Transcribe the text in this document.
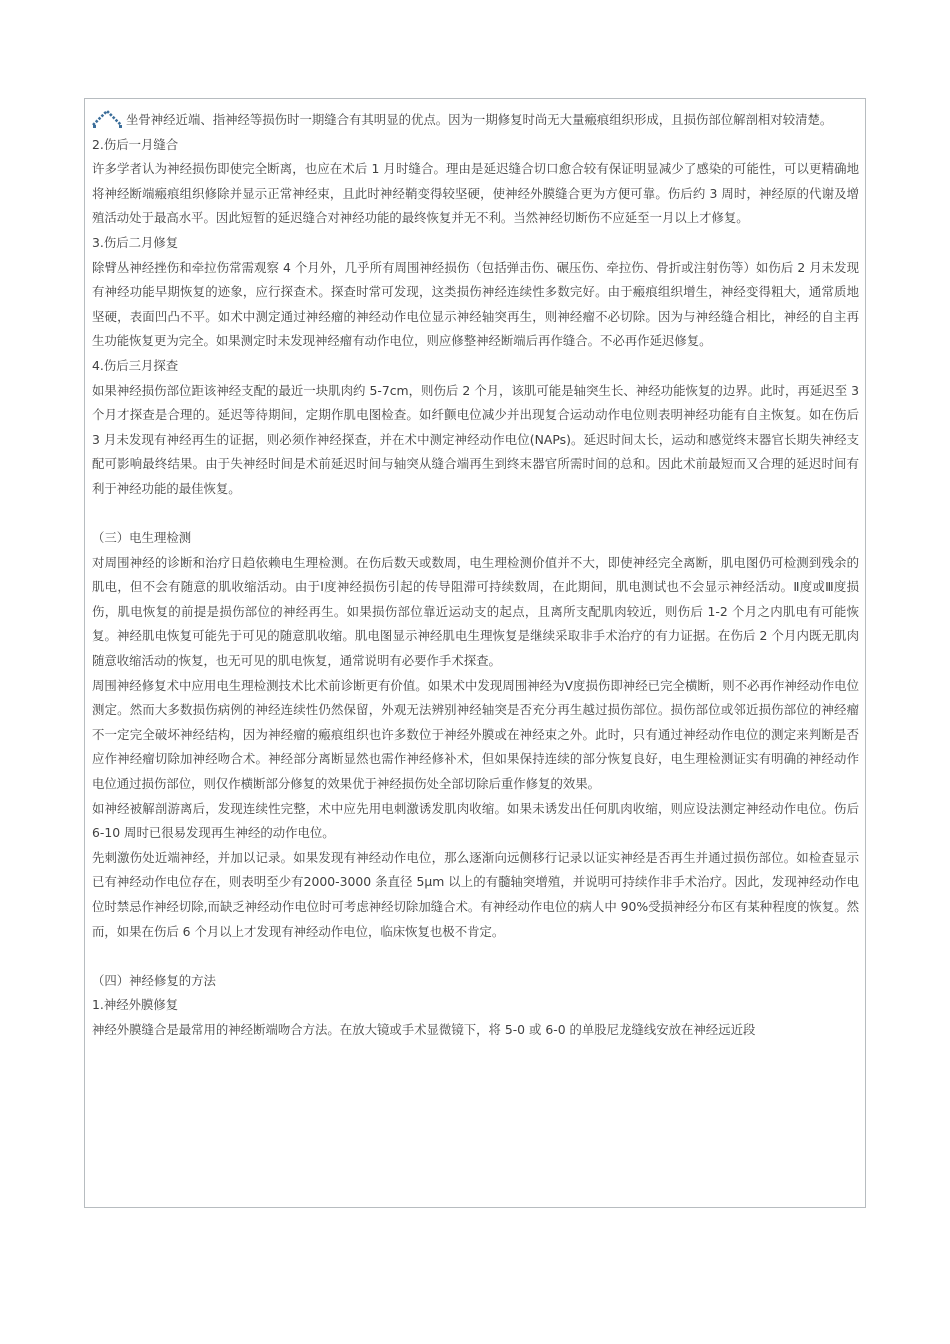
坐骨神经近端、指神经等损伤时一期缝合有其明显的优点。因为一期修复时尚无大量瘢痕组织形成，且损伤部位解剖相对较清楚。

2.伤后一月缝合

许多学者认为神经损伤即使完全断离，也应在术后 1 月时缝合。理由是延迟缝合切口愈合较有保证明显减少了感染的可能性，可以更精确地将神经断端瘢痕组织修除并显示正常神经束，且此时神经鞘变得较坚硬，使神经外膜缝合更为方便可靠。伤后约 3 周时，神经原的代谢及增殖活动处于最高水平。因此短暂的延迟缝合对神经功能的最终恢复并无不利。当然神经切断伤不应延至一月以上才修复。

3.伤后二月修复

除臂丛神经挫伤和牵拉伤常需观察 4 个月外，几乎所有周围神经损伤（包括弹击伤、碾压伤、牵拉伤、骨折或注射伤等）如伤后 2 月未发现有神经功能早期恢复的迹象，应行探查术。探查时常可发现，这类损伤神经连续性多数完好。由于瘢痕组织增生，神经变得粗大，通常质地坚硬，表面凹凸不平。如术中测定通过神经瘤的神经动作电位显示神经轴突再生，则神经瘤不必切除。因为与神经缝合相比，神经的自主再生功能恢复更为完全。如果测定时未发现神经瘤有动作电位，则应修整神经断端后再作缝合。不必再作延迟修复。

4.伤后三月探查

如果神经损伤部位距该神经支配的最近一块肌肉约 5-7cm，则伤后 2 个月，该肌可能是轴突生长、神经功能恢复的边界。此时，再延迟至 3 个月才探查是合理的。延迟等待期间，定期作肌电图检查。如纤颤电位减少并出现复合运动动作电位则表明神经功能有自主恢复。如在伤后 3 月未发现有神经再生的证据，则必须作神经探查，并在术中测定神经动作电位(NAPs)。延迟时间太长，运动和感觉终末器官长期失神经支配可影响最终结果。由于失神经时间是术前延迟时间与轴突从缝合端再生到终末器官所需时间的总和。因此术前最短而又合理的延迟时间有利于神经功能的最佳恢复。

（三）电生理检测

对周围神经的诊断和治疗日趋依赖电生理检测。在伤后数天或数周，电生理检测价值并不大，即使神经完全离断，肌电图仍可检测到残余的肌电，但不会有随意的肌收缩活动。由于Ⅰ度神经损伤引起的传导阻滞可持续数周，在此期间，肌电测试也不会显示神经活动。Ⅱ度或Ⅲ度损伤，肌电恢复的前提是损伤部位的神经再生。如果损伤部位靠近运动支的起点，且离所支配肌肉较近，则伤后 1-2 个月之内肌电有可能恢复。神经肌电恢复可能先于可见的随意肌收缩。肌电图显示神经肌电生理恢复是继续采取非手术治疗的有力证据。在伤后 2 个月内既无肌肉随意收缩活动的恢复，也无可见的肌电恢复，通常说明有必要作手术探查。

周围神经修复术中应用电生理检测技术比术前诊断更有价值。如果术中发现周围神经为Ⅴ度损伤即神经已完全横断，则不必再作神经动作电位测定。然而大多数损伤病例的神经连续性仍然保留，外观无法辨别神经轴突是否充分再生越过损伤部位。损伤部位或邻近损伤部位的神经瘤不一定完全破坏神经结构，因为神经瘤的瘢痕组织也许多数位于神经外膜或在神经束之外。此时，只有通过神经动作电位的测定来判断是否应作神经瘤切除加神经吻合术。神经部分离断显然也需作神经修补术，但如果保持连续的部分恢复良好，电生理检测证实有明确的神经动作电位通过损伤部位，则仅作横断部分修复的效果优于神经损伤处全部切除后重作修复的效果。

如神经被解剖游离后，发现连续性完整，术中应先用电刺激诱发肌肉收缩。如果未诱发出任何肌肉收缩，则应设法测定神经动作电位。伤后 6-10 周时已很易发现再生神经的动作电位。

先刺激伤处近端神经，并加以记录。如果发现有神经动作电位，那么逐渐向远侧移行记录以证实神经是否再生并通过损伤部位。如检查显示已有神经动作电位存在，则表明至少有2000-3000 条直径 5μm 以上的有髓轴突增殖，并说明可持续作非手术治疗。因此，发现神经动作电位时禁忌作神经切除,而缺乏神经动作电位时可考虑神经切除加缝合术。有神经动作电位的病人中 90%受损神经分布区有某种程度的恢复。然而，如果在伤后 6 个月以上才发现有神经动作电位，临床恢复也极不肯定。

（四）神经修复的方法

1.神经外膜修复

神经外膜缝合是最常用的神经断端吻合方法。在放大镜或手术显微镜下，将 5-0 或 6-0 的单股尼龙缝线安放在神经远近段
